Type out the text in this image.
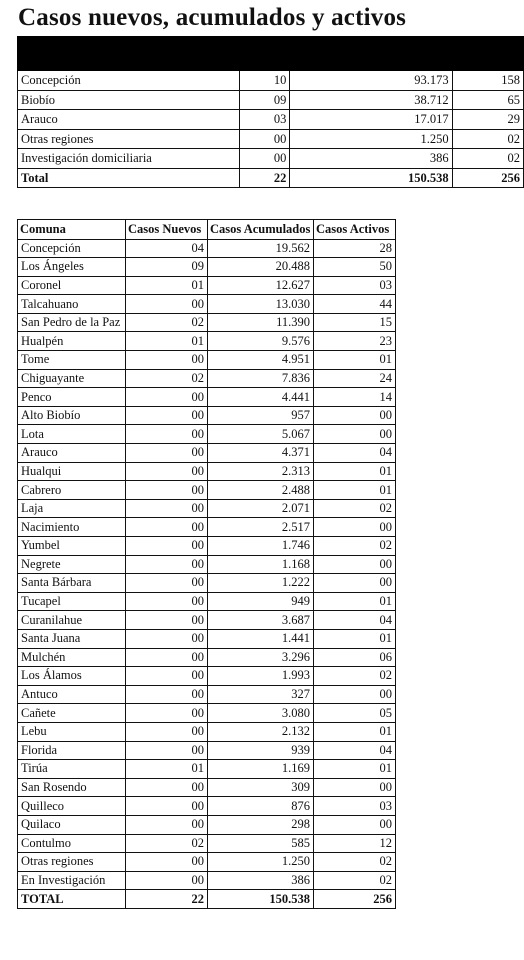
Casos nuevos, acumulados y activos

Concepción	10	93.173	158
Biobío	09	38.712	65
Arauco	03	17.017	29
Otras regiones	00	1.250	02
Investigación domiciliaria	00	386	02
Total	22	150.538	256
Comuna	Casos Nuevos	Casos Acumulados	Casos Activos
Concepción	04	19.562	28
Los Ángeles	09	20.488	50
Coronel	01	12.627	03
Talcahuano	00	13.030	44
San Pedro de la Paz	02	11.390	15
Hualpén	01	9.576	23
Tome	00	4.951	01
Chiguayante	02	7.836	24
Penco	00	4.441	14
Alto Biobío	00	957	00
Lota	00	5.067	00
Arauco	00	4.371	04
Hualqui	00	2.313	01
Cabrero	00	2.488	01
Laja	00	2.071	02
Nacimiento	00	2.517	00
Yumbel	00	1.746	02
Negrete	00	1.168	00
Santa Bárbara	00	1.222	00
Tucapel	00	949	01
Curanilahue	00	3.687	04
Santa Juana	00	1.441	01
Mulchén	00	3.296	06
Los Álamos	00	1.993	02
Antuco	00	327	00
Cañete	00	3.080	05
Lebu	00	2.132	01
Florida	00	939	04
Tirúa	01	1.169	01
San Rosendo	00	309	00
Quilleco	00	876	03
Quilaco	00	298	00
Contulmo	02	585	12
Otras regiones	00	1.250	02
En Investigación	00	386	02
TOTAL	22	150.538	256
